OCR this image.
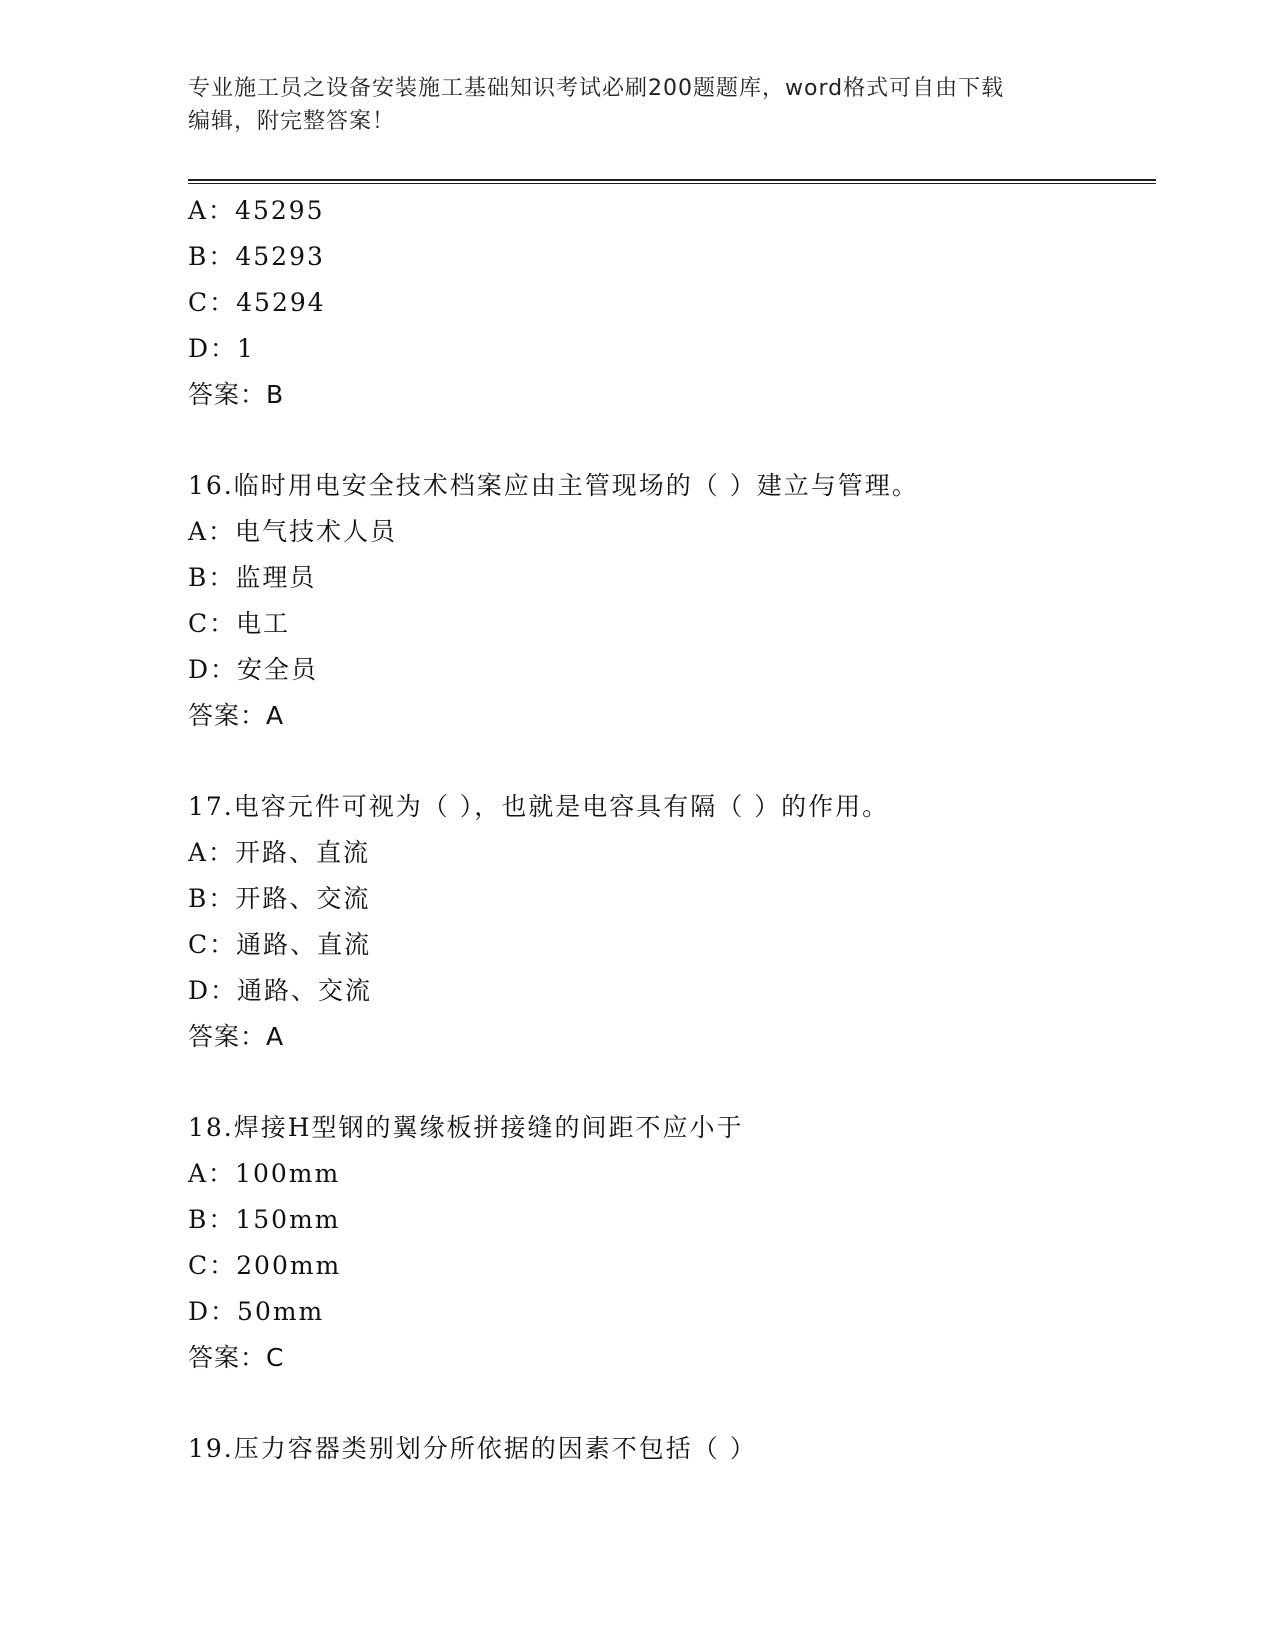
专业施工员之设备安装施工基础知识考试必刷200题题库，word格式可自由下载
编辑，附完整答案！
A：45295
B：45293
C：45294
D：1
答案：B
16.临时用电安全技术档案应由主管现场的（ ）建立与管理。
A：电气技术人员
B：监理员
C：电工
D：安全员
答案：A
17.电容元件可视为（ ），也就是电容具有隔（ ）的作用。
A：开路、直流
B：开路、交流
C：通路、直流
D：通路、交流
答案：A
18.焊接H型钢的翼缘板拼接缝的间距不应小于
A：100mm
B：150mm
C：200mm
D：50mm
答案：C
19.压力容器类别划分所依据的因素不包括（ ）
